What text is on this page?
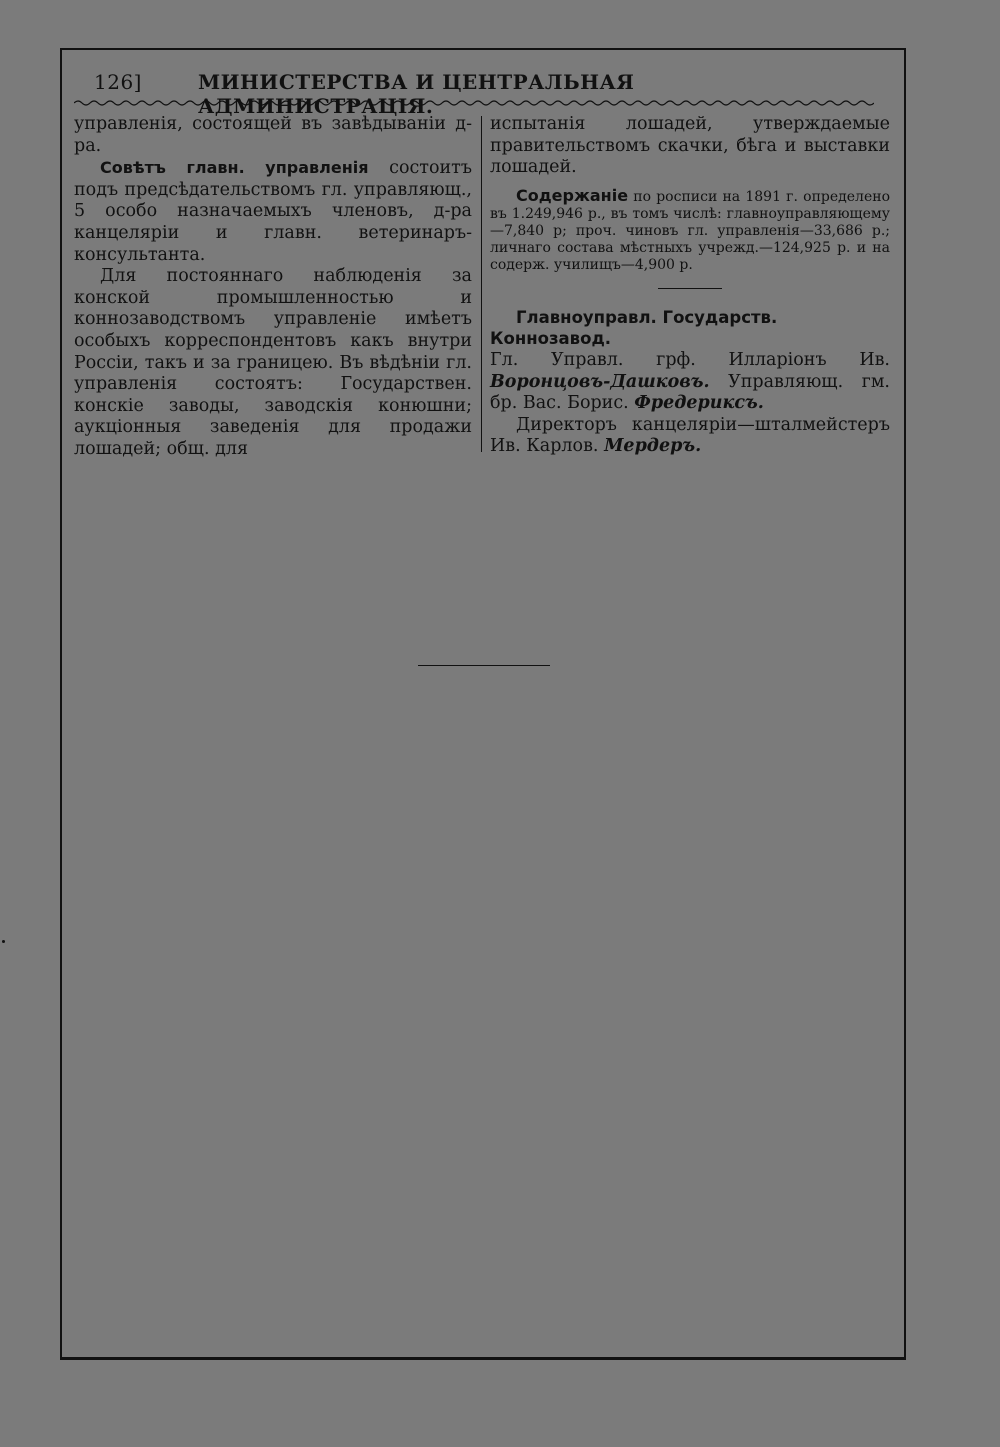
126]	МИНИСТЕРСТВА И ЦЕНТРАЛЬНАЯ АДМИНИСТРАЦІЯ.

управленія, состоящей въ завѣдываніи д-ра.

Совѣтъ главн. управленія состоитъ подъ предсѣдательствомъ гл. управляющ., 5 особо назначаемыхъ членовъ, д-ра канцеляріи и главн. ветеринаръ-консультанта.

Для постояннаго наблюденія за конской промышленностью и коннозаводствомъ управленіе имѣетъ особыхъ корреспондентовъ какъ внутри Россіи, такъ и за границею. Въ вѣдѣніи гл. управленія состоятъ: Государствен. конскіе заводы, заводскія конюшни; аукціонныя заведенія для продажи лошадей; общ. для

испытанія лошадей, утверждаемые правительствомъ скачки, бѣга и выставки лошадей.

Содержаніе по росписи на 1891 г. определено въ 1.249,946 р., въ томъ числѣ: главноуправляющему—7,840 р; проч. чиновъ гл. управленія—33,686 р.; личнаго состава мѣстныхъ учрежд.—124,925 р. и на содерж. училищъ—4,900 р.

Главноуправл. Государств. Коннозавод.

Гл. Управл. грф. Илларіонъ Ив. Воронцовъ-Дашковъ. Управляющ. гм. бр. Вас. Борис. Фредериксъ.

Директоръ канцеляріи—шталмейстеръ Ив. Карлов. Мердеръ.
